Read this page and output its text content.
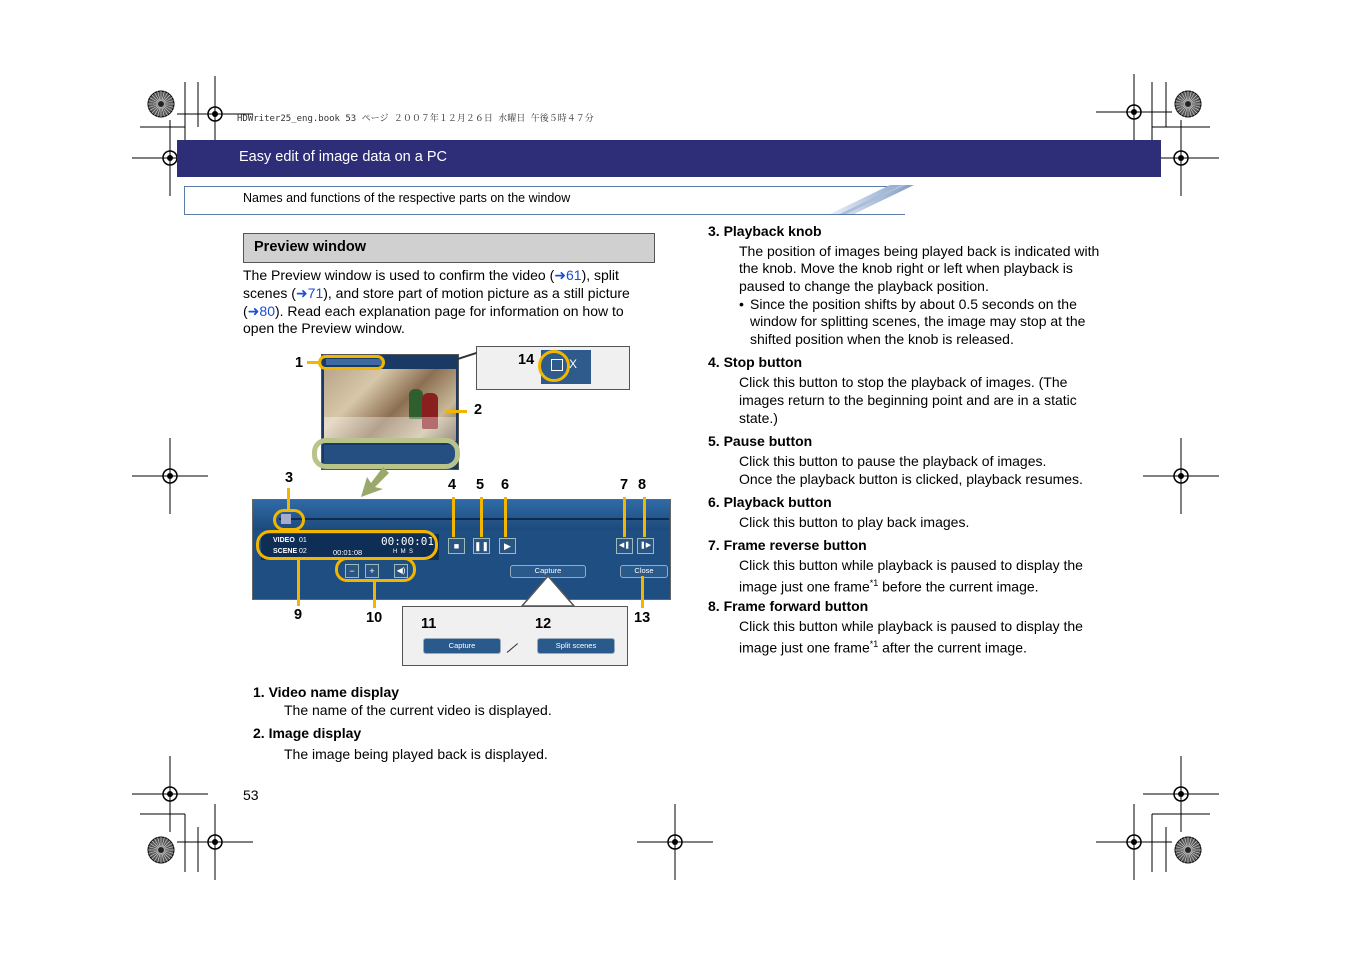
HDWriter25_eng.book 53 ページ ２００７年１２月２６日 水曜日 午後５時４７分
Easy edit of image data on a PC
Names and functions of the respective parts on the window
Preview window
The Preview window is used to confirm the video (➜61), split scenes (➜71), and store part of motion picture as a still picture (➜80). Read each explanation page for information on how to open the Preview window.
1
2
X
14
VIDEO 01
SCENE 02	00:01:08
00:00:01
H  M  S
■	❚❚	▶	◀❚	❚▶
−	+	◀)	Capture	Close
3	4 5 6	7 8
9	10	13
11	12
Capture	Split scenes
1. Video name display
The name of the current video is displayed.
2. Image display
The image being played back is displayed.
3. Playback knob
The position of images being played back is indicated with
the knob. Move the knob right or left when playback is
paused to change the playback position.
• Since the position shifts by about 0.5 seconds on the
window for splitting scenes, the image may stop at the
shifted position when the knob is released.
4. Stop button
Click this button to stop the playback of images. (The
images return to the beginning point and are in a static
state.)
5. Pause button
Click this button to pause the playback of images.
Once the playback button is clicked, playback resumes.
6. Playback button
Click this button to play back images.
7. Frame reverse button
Click this button while playback is paused to display the
image just one frame$^{*1}$ before the current image.
8. Frame forward button
Click this button while playback is paused to display the
image just one frame$^{*1}$ after the current image.
53
